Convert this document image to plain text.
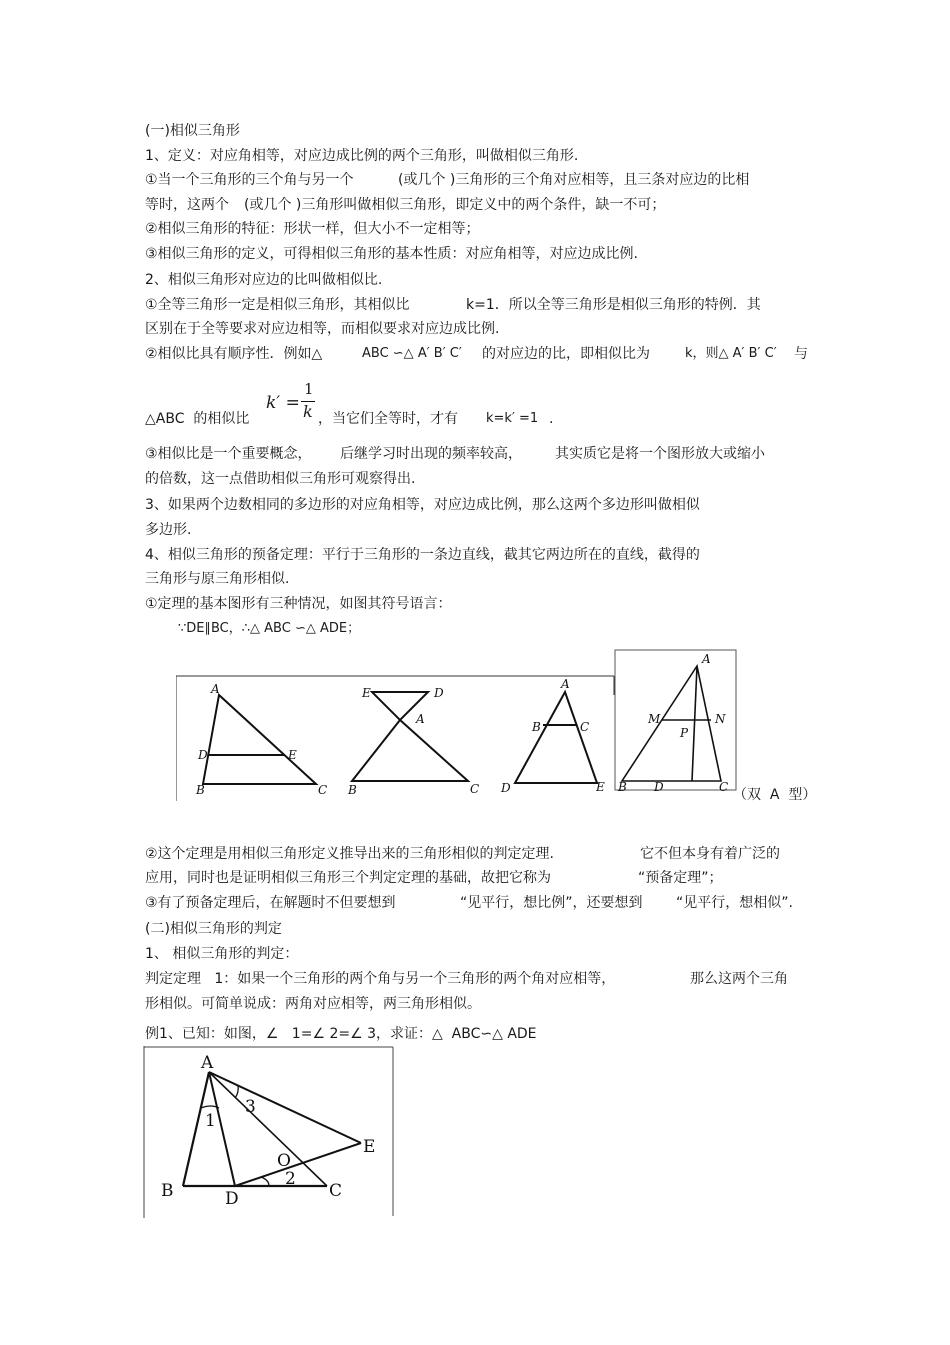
(一)相似三角形
1、定义：对应角相等，对应边成比例的两个三角形，叫做相似三角形.
①当一个三角形的三个角与另一个	(或几个 )三角形的三个角对应相等，且三条对应边的比相
等时，这两个 (或几个 )三角形叫做相似三角形，即定义中的两个条件，缺一不可；
②相似三角形的特征：形状一样，但大小不一定相等；
③相似三角形的定义，可得相似三角形的基本性质：对应角相等，对应边成比例.
2、相似三角形对应边的比叫做相似比.
①全等三角形一定是相似三角形，其相似比	k=1．所以全等三角形是相似三角形的特例．其
区别在于全等要求对应边相等，而相似要求对应边成比例.
②相似比具有顺序性．例如△	ABC ∽△ A′ B′ C′ 的对应边的比，即相似比为	k，则△ A′ B′ C′ 与
k′ =
1
k
△ABC  的相似比	，当它们全等时，才有 k=k′ =1 .
③相似比是一个重要概念， 后继学习时出现的频率较高， 其实质它是将一个图形放大或缩小
的倍数，这一点借助相似三角形可观察得出.
3、如果两个边数相同的多边形的对应角相等，对应边成比例，那么这两个多边形叫做相似
多边形.
4、相似三角形的预备定理：平行于三角形的一条边直线，截其它两边所在的直线，截得的
三角形与原三角形相似.
①定理的基本图形有三种情况，如图其符号语言：
∵DE∥BC，∴△ ABC ∽△ ADE；
A
D	E
B	C
E	D
A
B	C
A
B	C
D	E
A
M	N
P
B D	C （双  A  型）
②这个定理是用相似三角形定义推导出来的三角形相似的判定定理.	它不但本身有着广泛的
应用，同时也是证明相似三角形三个判定定理的基础，故把它称为	“预备定理”；
③有了预备定理后，在解题时不但要想到	“见平行，想比例”，还要想到 “见平行，想相似”.
(二)相似三角形的判定
1、 相似三角形的判定：
判定定理   1：如果一个三角形的两个角与另一个三角形的两个角对应相等，	那么这两个三角
形相似。可简单说成：两角对应相等，两三角形相似。
例1、已知：如图，∠   1=∠ 2=∠ 3，求证：△  ABC∽△ ADE
A
3
1
E
O
2
B	D	C
